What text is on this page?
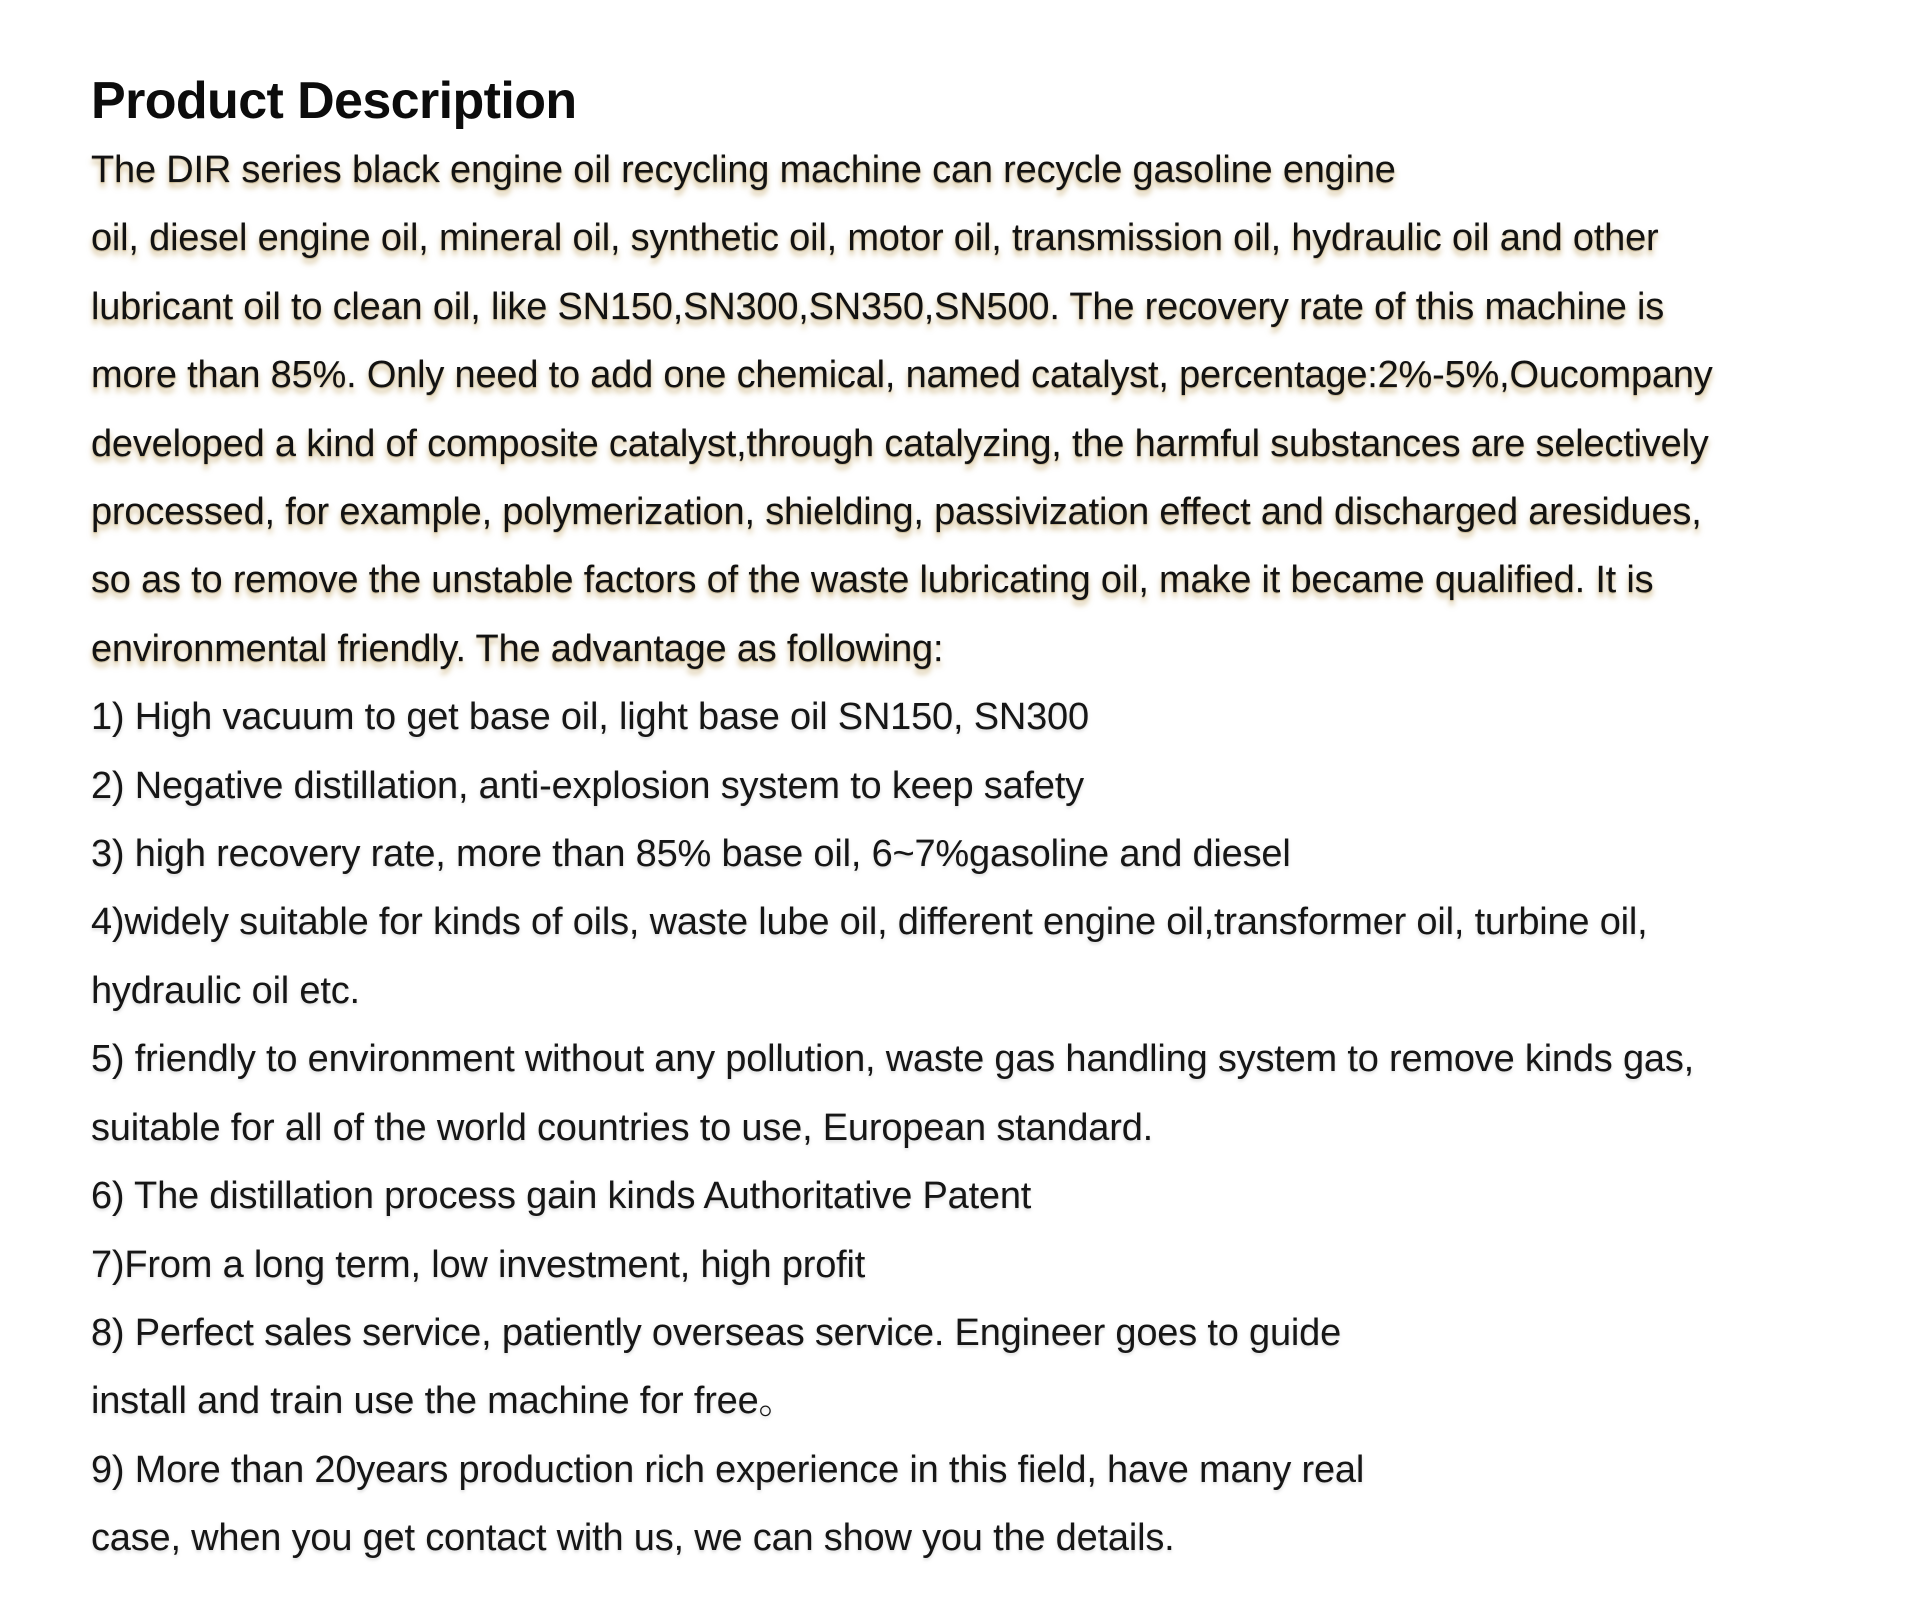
Product Description
The DIR series black engine oil recycling machine can recycle gasoline engine
oil, diesel engine oil, mineral oil, synthetic oil, motor oil, transmission oil, hydraulic oil and other
lubricant oil to clean oil, like SN150,SN300,SN350,SN500. The recovery rate of this machine is
more than 85%. Only need to add one chemical, named catalyst, percentage:2%-5%,Oucompany
developed a kind of composite catalyst,through catalyzing, the harmful substances are selectively
processed, for example, polymerization, shielding, passivization effect and discharged aresidues,
so as to remove the unstable factors of the waste lubricating oil, make it became qualified. It is
environmental friendly. The advantage as following:
1) High vacuum to get base oil, light base oil SN150, SN300
2) Negative distillation, anti-explosion system to keep safety
3) high recovery rate, more than 85% base oil, 6~7%gasoline and diesel
4)widely suitable for kinds of oils, waste lube oil, different engine oil,transformer oil, turbine oil,
hydraulic oil etc.
5) friendly to environment without any pollution, waste gas handling system to remove kinds gas,
suitable for all of the world countries to use, European standard.
6) The distillation process gain kinds Authoritative Patent
7)From a long term, low investment, high profit
8) Perfect sales service, patiently overseas service. Engineer goes to guide
install and train use the machine for free。
9) More than 20years production rich experience in this field, have many real
case, when you get contact with us, we can show you the details.
